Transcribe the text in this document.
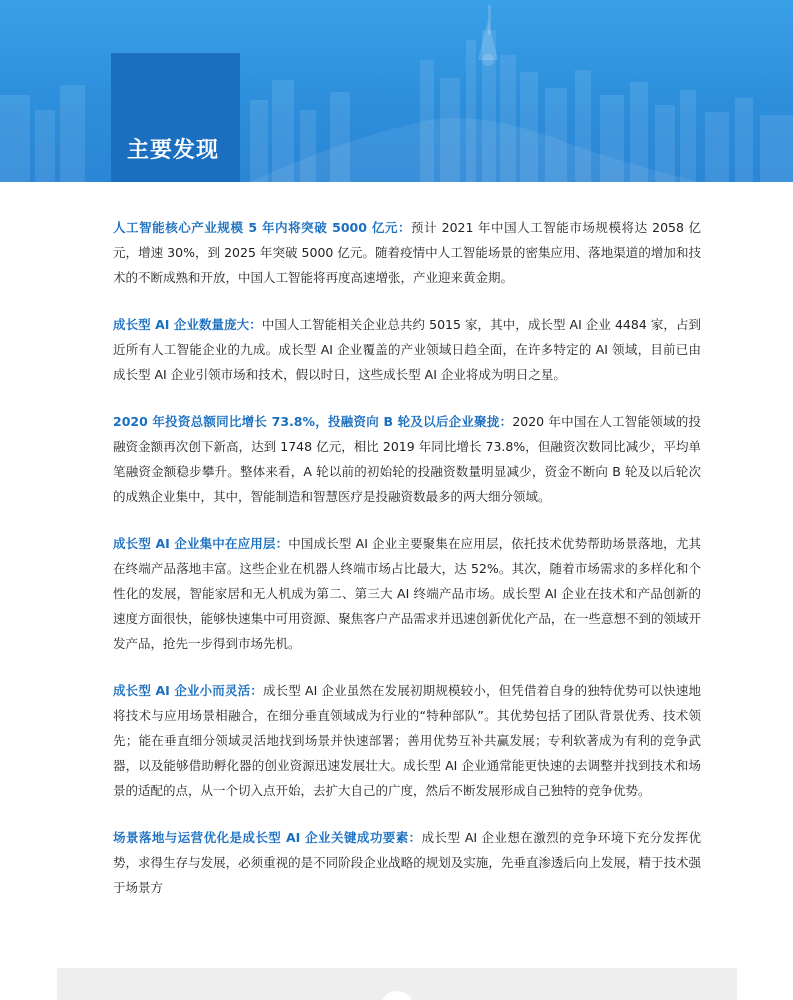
主要发现

人工智能核心产业规模 5 年内将突破 5000 亿元：预计 2021 年中国人工智能市场规模将达 2058 亿元，增速 30%，到 2025 年突破 5000 亿元。随着疫情中人工智能场景的密集应用、落地渠道的增加和技术的不断成熟和开放，中国人工智能将再度高速增张，产业迎来黄金期。

成长型 AI 企业数量庞大：中国人工智能相关企业总共约 5015 家，其中，成长型 AI 企业 4484 家，占到近所有人工智能企业的九成。成长型 AI 企业覆盖的产业领域日趋全面，在许多特定的 AI 领域，目前已由成长型 AI 企业引领市场和技术，假以时日，这些成长型 AI 企业将成为明日之星。

2020 年投资总额同比增长 73.8%，投融资向 B 轮及以后企业聚拢：2020 年中国在人工智能领域的投融资金额再次创下新高，达到 1748 亿元，相比 2019 年同比增长 73.8%，但融资次数同比减少，平均单笔融资金额稳步攀升。整体来看，A 轮以前的初始轮的投融资数量明显减少，资金不断向 B 轮及以后轮次的成熟企业集中，其中，智能制造和智慧医疗是投融资数最多的两大细分领域。

成长型 AI 企业集中在应用层：中国成长型 AI 企业主要聚集在应用层，依托技术优势帮助场景落地，尤其在终端产品落地丰富。这些企业在机器人终端市场占比最大，达 52%。其次，随着市场需求的多样化和个性化的发展，智能家居和无人机成为第二、第三大 AI 终端产品市场。成长型 AI 企业在技术和产品创新的速度方面很快，能够快速集中可用资源、聚焦客户产品需求并迅速创新优化产品，在一些意想不到的领域开发产品，抢先一步得到市场先机。

成长型 AI 企业小而灵活：成长型 AI 企业虽然在发展初期规模较小，但凭借着自身的独特优势可以快速地将技术与应用场景相融合，在细分垂直领域成为行业的“特种部队”。其优势包括了团队背景优秀、技术领先；能在垂直细分领域灵活地找到场景并快速部署；善用优势互补共赢发展；专利软著成为有利的竞争武器，以及能够借助孵化器的创业资源迅速发展壮大。成长型 AI 企业通常能更快速的去调整并找到技术和场景的适配的点，从一个切入点开始，去扩大自己的广度，然后不断发展形成自己独特的竞争优势。

场景落地与运营优化是成长型 AI 企业关键成功要素：成长型 AI 企业想在激烈的竞争环境下充分发挥优势，求得生存与发展，必须重视的是不同阶段企业战略的规划及实施，先垂直渗透后向上发展，精于技术强于场景方
